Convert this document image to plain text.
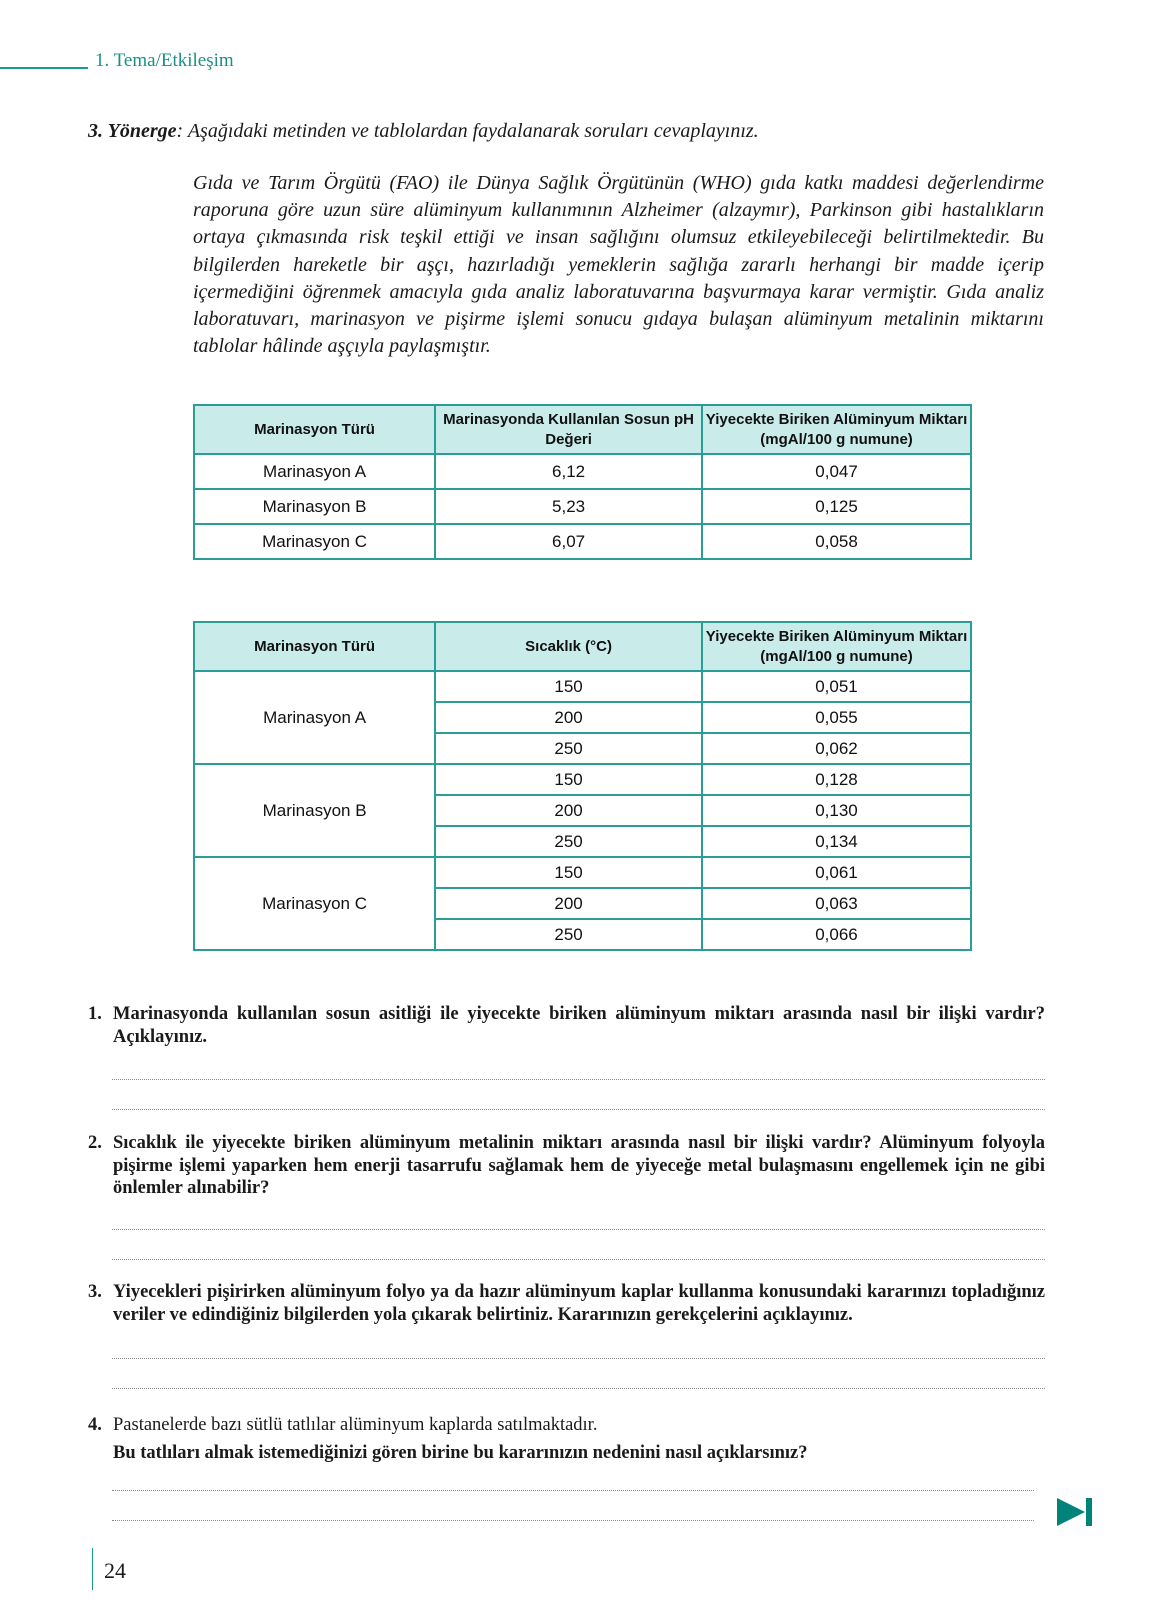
1. Tema/Etkileşim
3. Yönerge: Aşağıdaki metinden ve tablolardan faydalanarak soruları cevaplayınız.
Gıda ve Tarım Örgütü (FAO) ile Dünya Sağlık Örgütünün (WHO) gıda katkı maddesi değerlendirme raporuna göre uzun süre alüminyum kullanımının Alzheimer (alzaymır), Parkinson gibi hastalıkların ortaya çıkmasında risk teşkil ettiği ve insan sağlığını olumsuz etkileyebileceği belirtilmektedir. Bu bilgilerden hareketle bir aşçı, hazırladığı yemeklerin sağlığa zararlı herhangi bir madde içerip içermediğini öğrenmek amacıyla gıda analiz laboratuvarına başvurmaya karar vermiştir. Gıda analiz laboratuvarı, marinasyon ve pişirme işlemi sonucu gıdaya bulaşan alüminyum metalinin miktarını tablolar hâlinde aşçıyla paylaşmıştır.
Marinasyon Türü	Marinasyonda Kullanılan Sosun pH Değeri	Yiyecekte Biriken Alüminyum Miktarı (mgAl/100 g numune)
Marinasyon A	6,12	0,047
Marinasyon B	5,23	0,125
Marinasyon C	6,07	0,058
Marinasyon Türü	Sıcaklık (°C)	Yiyecekte Biriken Alüminyum Miktarı (mgAl/100 g numune)
Marinasyon A	150	0,051
	200	0,055
	250	0,062
Marinasyon B	150	0,128
	200	0,130
	250	0,134
Marinasyon C	150	0,061
	200	0,063
	250	0,066
1. Marinasyonda kullanılan sosun asitliği ile yiyecekte biriken alüminyum miktarı arasında nasıl bir ilişki vardır? Açıklayınız.
2. Sıcaklık ile yiyecekte biriken alüminyum metalinin miktarı arasında nasıl bir ilişki vardır? Alüminyum folyoyla pişirme işlemi yaparken hem enerji tasarrufu sağlamak hem de yiyeceğe metal bulaşmasını engellemek için ne gibi önlemler alınabilir?
3. Yiyecekleri pişirirken alüminyum folyo ya da hazır alüminyum kaplar kullanma konusundaki kararınızı topladığınız veriler ve edindiğiniz bilgilerden yola çıkarak belirtiniz. Kararınızın gerekçelerini açıklayınız.
4. Pastanelerde bazı sütlü tatlılar alüminyum kaplarda satılmaktadır.
Bu tatlıları almak istemediğinizi gören birine bu kararınızın nedenini nasıl açıklarsınız?
24
